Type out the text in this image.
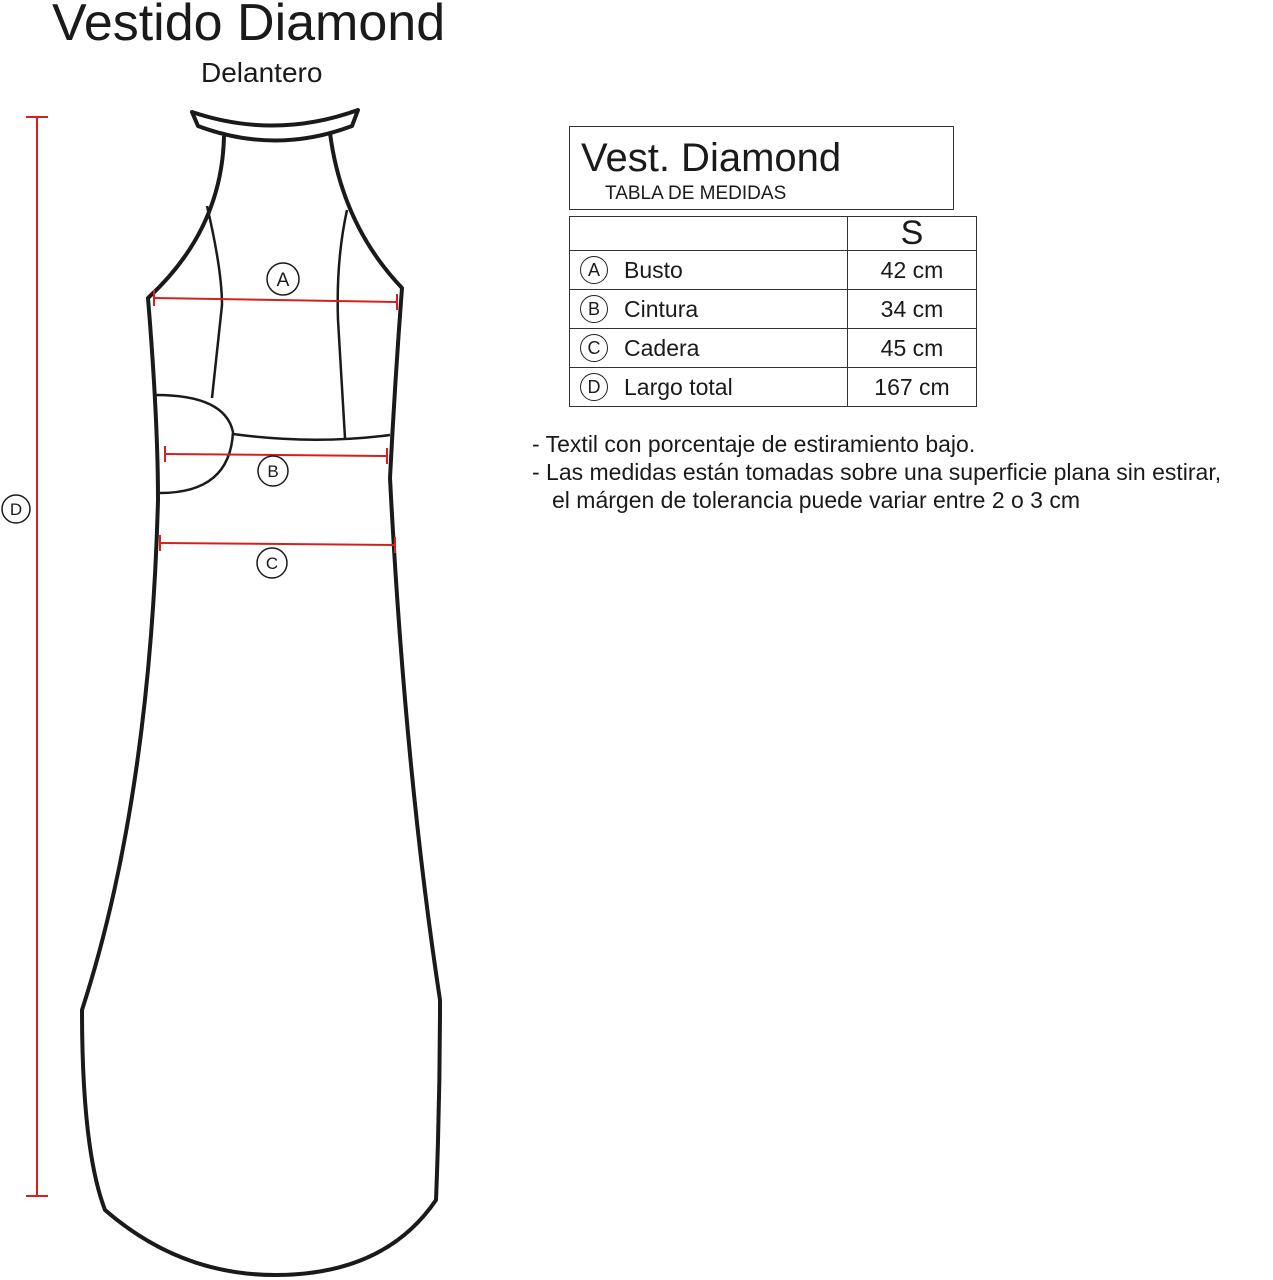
Vestido Diamond
Delantero
A
B
C
D
Vest. Diamond
TABLA DE MEDIDAS
	S

A Busto	42 cm

B Cintura	34 cm

C Cadera	45 cm

D Largo total	167 cm
- Textil con porcentaje de estiramiento bajo.
- Las medidas están tomadas sobre una superficie plana sin estirar,
el márgen de tolerancia puede variar entre 2 o 3 cm
